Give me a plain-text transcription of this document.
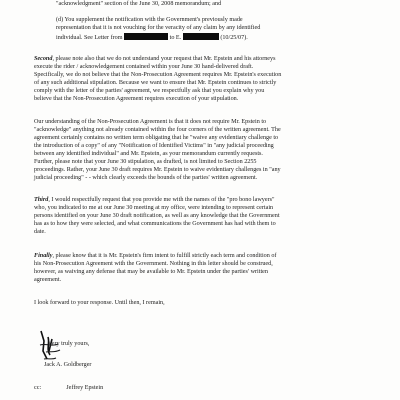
"acknowledgment" section of the June 30, 2008 memorandum; and
(d) You supplement the notification with the Government's previously made
representation that it is not vouching for the veracity of any claim by any identified
individual. See Letter from	to E.	(10/25/07).
Second, please note also that we do not understand your request that Mr. Epstein and his attorneys
execute the rider / acknowledgement contained within your June 30 hand-delivered draft.
Specifically, we do not believe that the Non-Prosecution Agreement requires Mr. Epstein's execution
of any such additional stipulation. Because we want to ensure that Mr. Epstein continues to strictly
comply with the letter of the parties' agreement, we respectfully ask that you explain why you
believe that the Non-Prosecution Agreement requires execution of your stipulation.
Our understanding of the Non-Prosecution Agreement is that it does not require Mr. Epstein to
"acknowledge" anything not already contained within the four corners of the written agreement. The
agreement certainly contains no written term obligating that he "waive any evidentiary challenge to
the introduction of a copy" of any "Notification of Identified Victims" in "any judicial proceeding
between any identified individual" and Mr. Epstein, as your memorandum currently requests.
Further, please note that your June 30 stipulation, as drafted, is not limited to Section 2255
proceedings. Rather, your June 30 draft requires Mr. Epstein to waive evidentiary challenges in "any
judicial proceeding" - - which clearly exceeds the bounds of the parties' written agreement.
Third, I would respectfully request that you provide me with the names of the "pro bono lawyers"
who, you indicated to me at our June 30 meeting at my office, were intending to represent certain
persons identified on your June 30 draft notification, as well as any knowledge that the Government
has as to how they were selected, and what communications the Government has had with them to
date.
Finally, please know that it is Mr. Epstein's firm intent to fulfill strictly each term and condition of
his Non-Prosecution Agreement with the Government. Nothing in this letter should be construed,
however, as waiving any defense that may be available to Mr. Epstein under the parties' written
agreement.
I look forward to your response. Until then, I remain,
Very truly yours,
Jack A. Goldberger
cc:	Jeffrey Epstein
